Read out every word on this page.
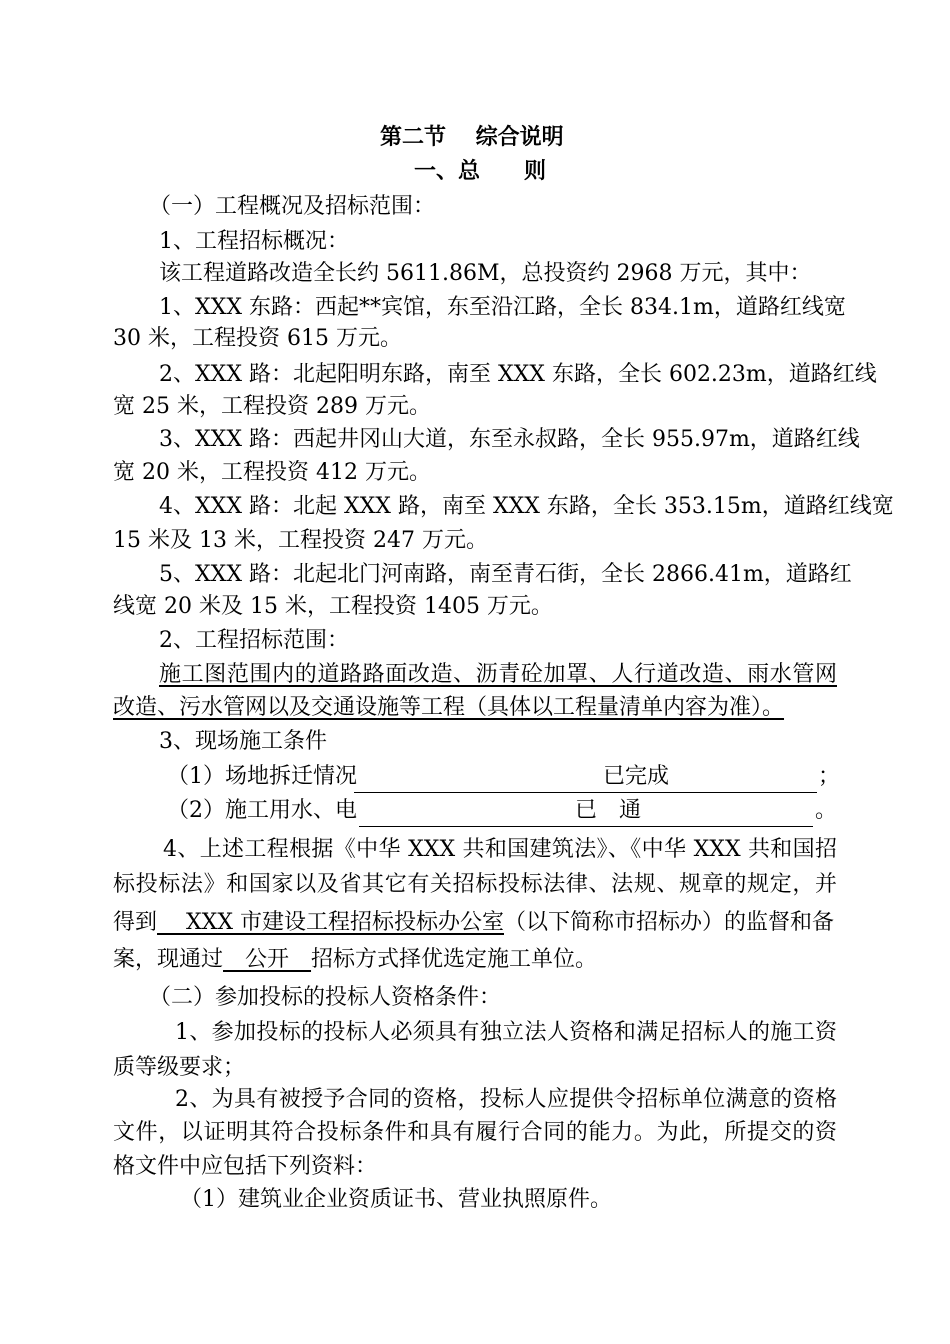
第二节　 综合说明

一、总　　则

（一）工程概况及招标范围：

1、工程招标概况：

该工程道路改造全长约 5611.86M，总投资约 2968 万元，其中：

1、XXX 东路：西起**宾馆，东至沿江路，全长 834.1m，道路红线宽

30 米，工程投资 615 万元。

2、XXX 路：北起阳明东路，南至 XXX 东路，全长 602.23m，道路红线

宽 25 米，工程投资 289 万元。

3、XXX 路：西起井冈山大道，东至永叔路，全长 955.97m，道路红线

宽 20 米，工程投资 412 万元。

4、XXX 路：北起 XXX 路，南至 XXX 东路，全长 353.15m，道路红线宽

15 米及 13 米，工程投资 247 万元。

5、XXX 路：北起北门河南路，南至青石街，全长 2866.41m，道路红

线宽 20 米及 15 米，工程投资 1405 万元。

2、工程招标范围：

施工图范围内的道路路面改造、沥青砼加罩、人行道改造、雨水管网

改造、污水管网以及交通设施等工程（具体以工程量清单内容为准）。

3、现场施工条件

（1）场地拆迁情况

	已完成	；

（2）施工用水、电

	已　通	。

4、上述工程根据《中华 XXX 共和国建筑法》、《中华 XXX 共和国招

标投标法》和国家以及省其它有关招标投标法律、法规、规章的规定，并

得到　 XXX 市建设工程招标投标办公室（以下简称市招标办）的监督和备

案，现通过　公开　招标方式择优选定施工单位。

（二）参加投标的投标人资格条件：

1、参加投标的投标人必须具有独立法人资格和满足招标人的施工资

质等级要求；

2、为具有被授予合同的资格，投标人应提供令招标单位满意的资格

文件，以证明其符合投标条件和具有履行合同的能力。为此，所提交的资

格文件中应包括下列资料：

（1）建筑业企业资质证书、营业执照原件。
